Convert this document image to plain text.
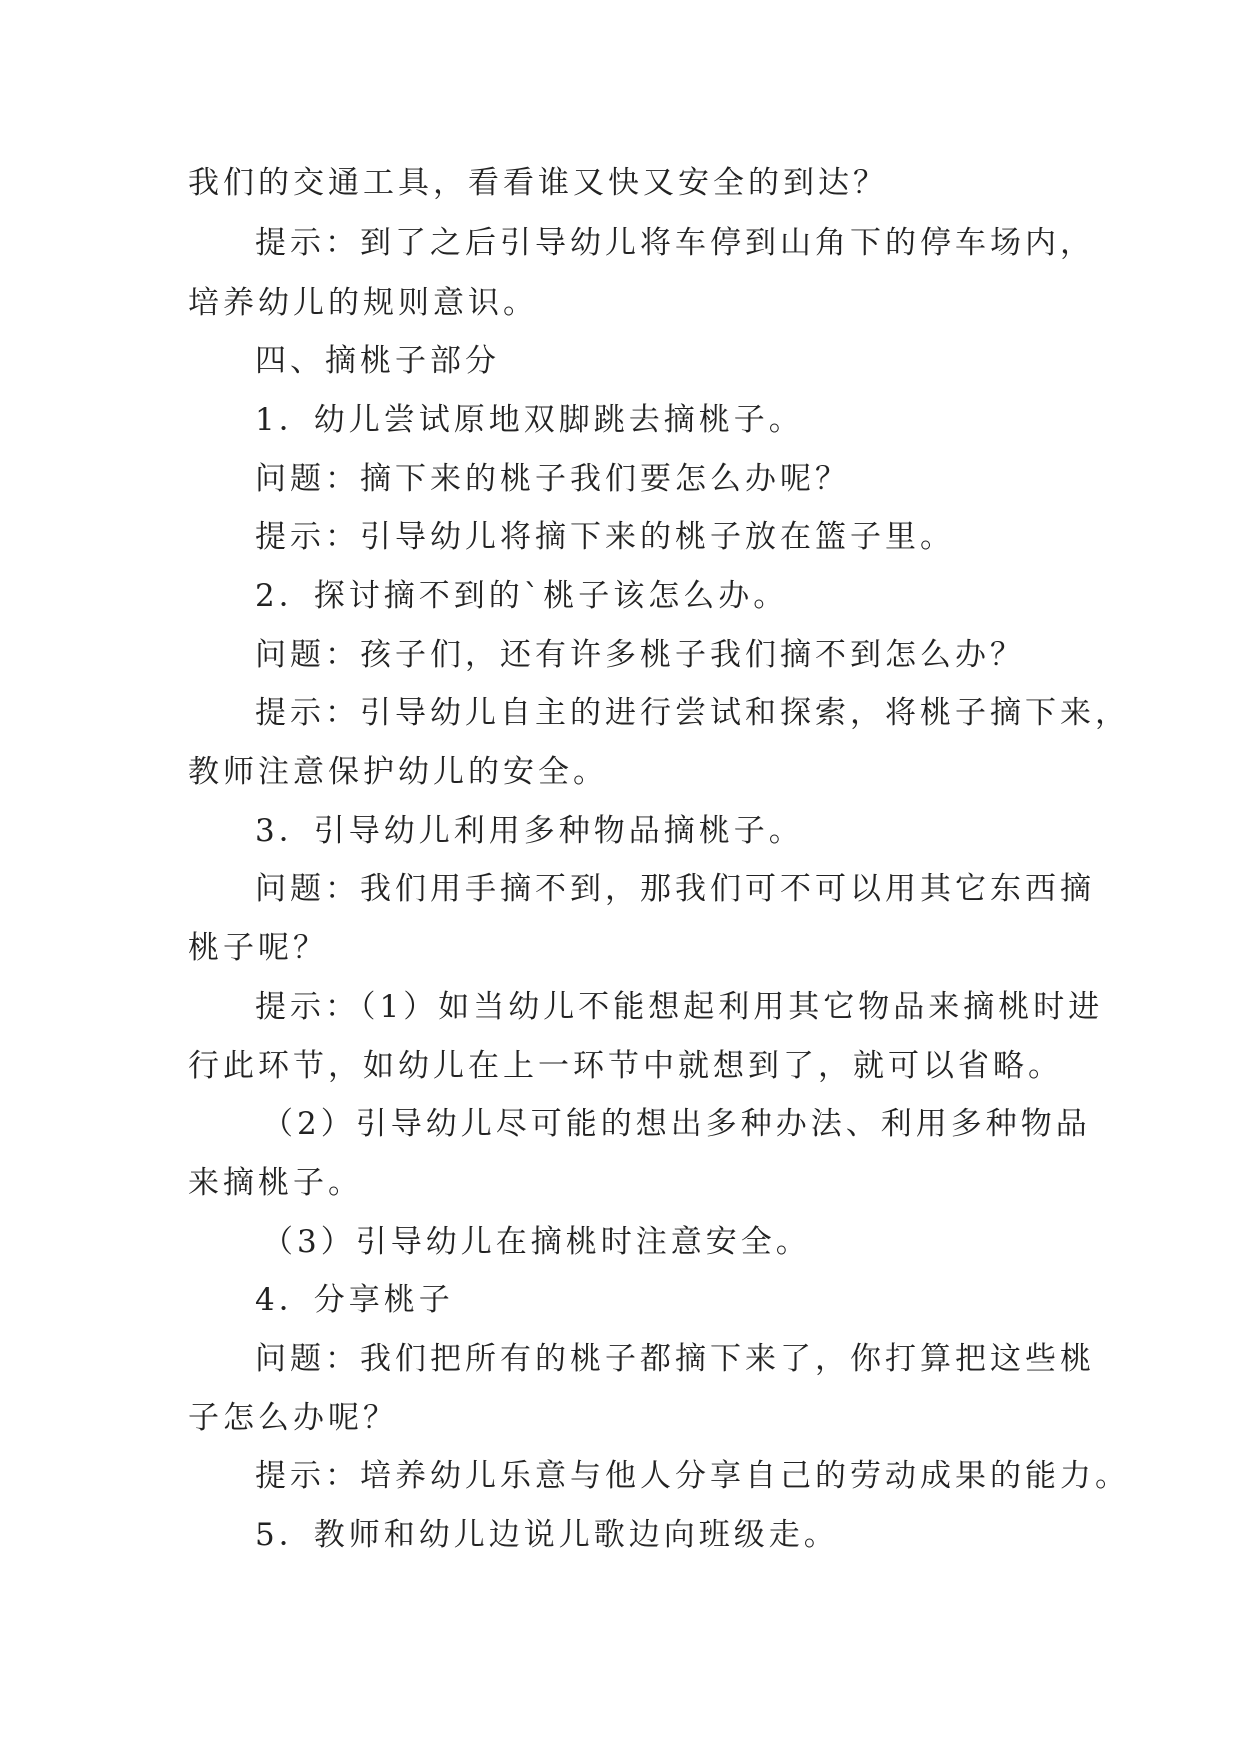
我们的交通工具，看看谁又快又安全的到达？
提示：到了之后引导幼儿将车停到山角下的停车场内，
培养幼儿的规则意识。
四、摘桃子部分
1．幼儿尝试原地双脚跳去摘桃子。
问题：摘下来的桃子我们要怎么办呢？
提示：引导幼儿将摘下来的桃子放在篮子里。
2．探讨摘不到的`桃子该怎么办。
问题：孩子们，还有许多桃子我们摘不到怎么办？
提示：引导幼儿自主的进行尝试和探索，将桃子摘下来，
教师注意保护幼儿的安全。
3．引导幼儿利用多种物品摘桃子。
问题：我们用手摘不到，那我们可不可以用其它东西摘
桃子呢？
提示：（1）如当幼儿不能想起利用其它物品来摘桃时进
行此环节，如幼儿在上一环节中就想到了，就可以省略。
（2）引导幼儿尽可能的想出多种办法、利用多种物品
来摘桃子。
（3）引导幼儿在摘桃时注意安全。
4．分享桃子
问题：我们把所有的桃子都摘下来了，你打算把这些桃
子怎么办呢？
提示：培养幼儿乐意与他人分享自己的劳动成果的能力。
5．教师和幼儿边说儿歌边向班级走。
